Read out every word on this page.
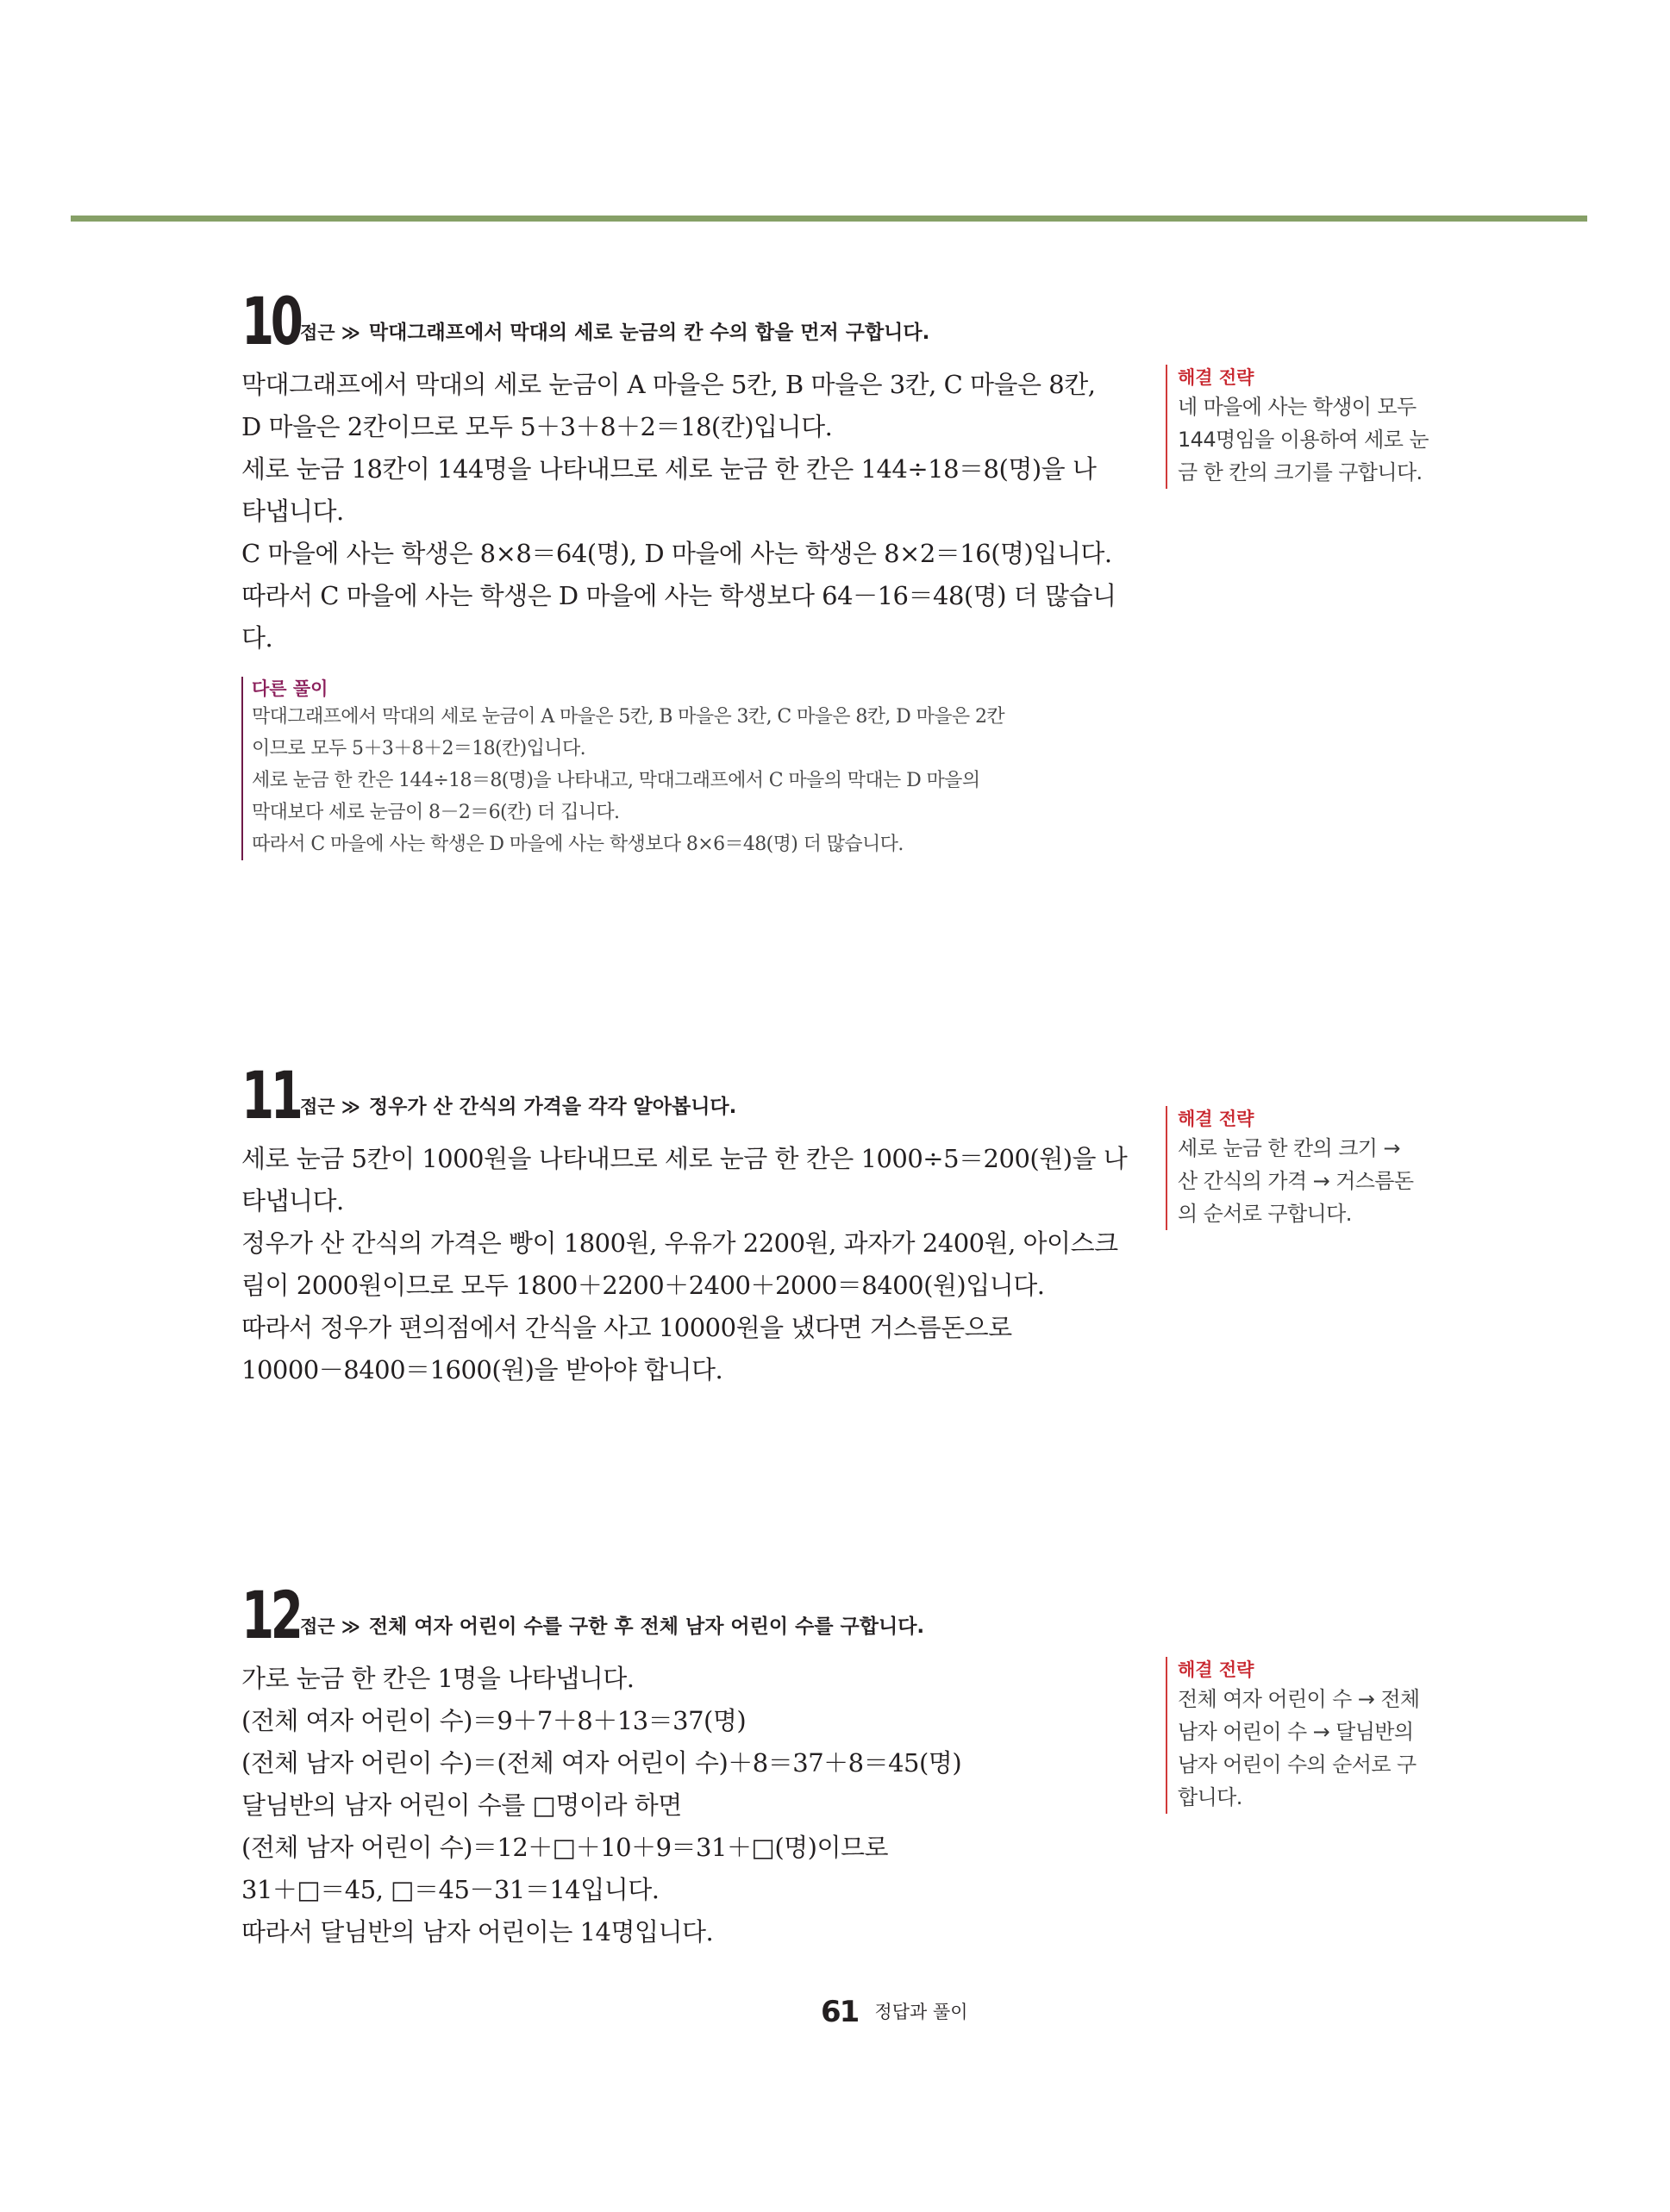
10 접근 ≫ 막대그래프에서 막대의 세로 눈금의 칸 수의 합을 먼저 구합니다.
막대그래프에서 막대의 세로 눈금이 A 마을은 5칸, B 마을은 3칸, C 마을은 8칸,
D 마을은 2칸이므로 모두 5＋3＋8＋2＝18(칸)입니다.
세로 눈금 18칸이 144명을 나타내므로 세로 눈금 한 칸은 144÷18＝8(명)을 나
타냅니다.
C 마을에 사는 학생은 8×8＝64(명), D 마을에 사는 학생은 8×2＝16(명)입니다.
따라서 C 마을에 사는 학생은 D 마을에 사는 학생보다 64－16＝48(명) 더 많습니
다.
다른 풀이
막대그래프에서 막대의 세로 눈금이 A 마을은 5칸, B 마을은 3칸, C 마을은 8칸, D 마을은 2칸
이므로 모두 5＋3＋8＋2＝18(칸)입니다.
세로 눈금 한 칸은 144÷18＝8(명)을 나타내고, 막대그래프에서 C 마을의 막대는 D 마을의
막대보다 세로 눈금이 8－2＝6(칸) 더 깁니다.
따라서 C 마을에 사는 학생은 D 마을에 사는 학생보다 8×6＝48(명) 더 많습니다.
해결 전략
네 마을에 사는 학생이 모두
144명임을 이용하여 세로 눈
금 한 칸의 크기를 구합니다.
11 접근 ≫ 정우가 산 간식의 가격을 각각 알아봅니다.
세로 눈금 5칸이 1000원을 나타내므로 세로 눈금 한 칸은 1000÷5＝200(원)을 나
타냅니다.
정우가 산 간식의 가격은 빵이 1800원, 우유가 2200원, 과자가 2400원, 아이스크
림이 2000원이므로 모두 1800＋2200＋2400＋2000＝8400(원)입니다.
따라서 정우가 편의점에서 간식을 사고 10000원을 냈다면 거스름돈으로
10000－8400＝1600(원)을 받아야 합니다.
해결 전략
세로 눈금 한 칸의 크기 →
산 간식의 가격 → 거스름돈
의 순서로 구합니다.
12 접근 ≫ 전체 여자 어린이 수를 구한 후 전체 남자 어린이 수를 구합니다.
가로 눈금 한 칸은 1명을 나타냅니다.
(전체 여자 어린이 수)＝9＋7＋8＋13＝37(명)
(전체 남자 어린이 수)＝(전체 여자 어린이 수)＋8＝37＋8＝45(명)
달님반의 남자 어린이 수를 □명이라 하면
(전체 남자 어린이 수)＝12＋□＋10＋9＝31＋□(명)이므로
31＋□＝45, □＝45－31＝14입니다.
따라서 달님반의 남자 어린이는 14명입니다.
해결 전략
전체 여자 어린이 수 → 전체
남자 어린이 수 → 달님반의
남자 어린이 수의 순서로 구
합니다.
61 정답과 풀이
